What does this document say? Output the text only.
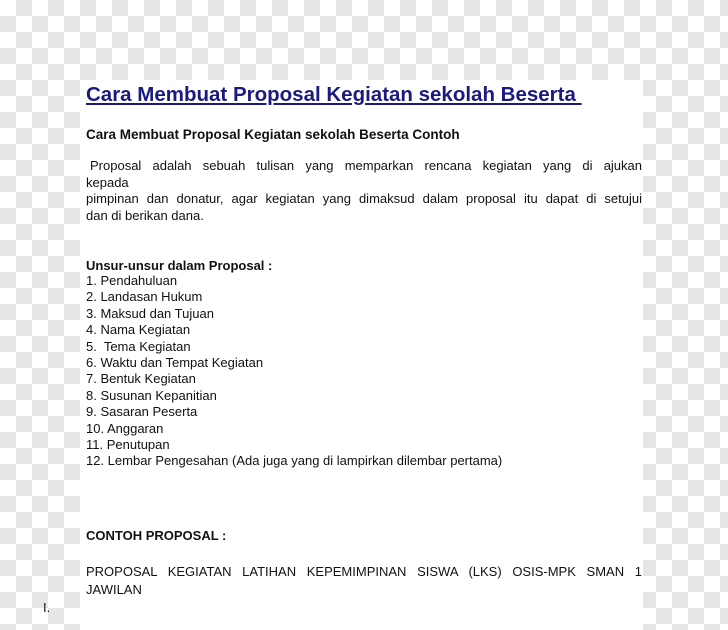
Cara Membuat Proposal Kegiatan sekolah Beserta
Cara Membuat Proposal Kegiatan sekolah Beserta Contoh

Proposal adalah sebuah tulisan yang memparkan rencana kegiatan yang di ajukan
kepada
pimpinan dan donatur, agar kegiatan yang dimaksud dalam proposal itu dapat di setujui
dan di berikan dana.

Unsur-unsur dalam Proposal :
1. Pendahuluan
2. Landasan Hukum
3. Maksud dan Tujuan
4. Nama Kegiatan
5.  Tema Kegiatan
6. Waktu dan Tempat Kegiatan
7. Bentuk Kegiatan
8. Susunan Kepanitian
9. Sasaran Peserta
10. Anggaran
11. Penutupan
12. Lembar Pengesahan (Ada juga yang di lampirkan dilembar pertama)
CONTOH PROPOSAL :

PROPOSAL KEGIATAN LATIHAN KEPEMIMPINAN SISWA (LKS) OSIS-MPK SMAN 1
JAWILAN

I.
